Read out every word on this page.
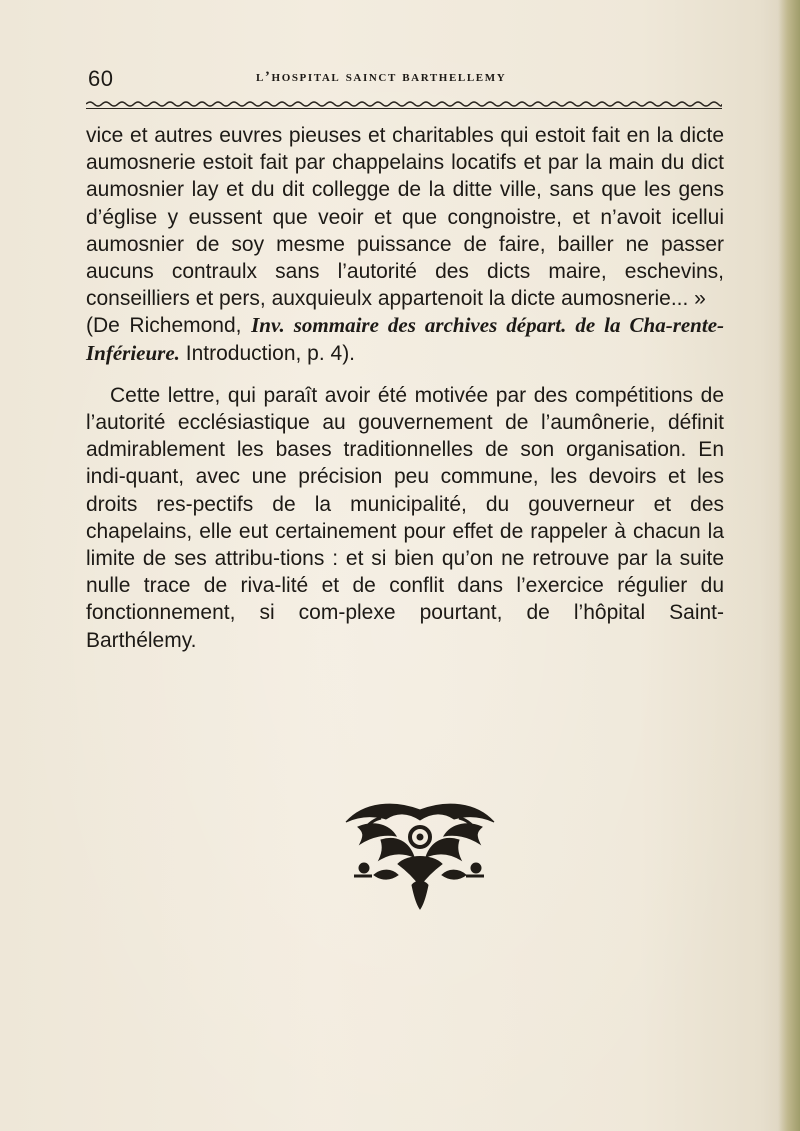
60	l’hospital sainct barthellemy

vice et autres euvres pieuses et charitables qui estoit fait en la dicte aumosnerie estoit fait par chappelains locatifs et par la main du dict aumosnier lay et du dit collegge de la ditte ville, sans que les gens d’église y eussent que veoir et que congnoistre, et n’avoit icellui aumosnier de soy mesme puissance de faire, bailler ne passer aucuns contraulx sans l’autorité des dicts maire, eschevins, conseilliers et pers, auxquieulx appartenoit la dicte aumosnerie... »

(De Richemond, Inv. sommaire des archives départ. de la Cha-rente-Inférieure. Introduction, p. 4).

Cette lettre, qui paraît avoir été motivée par des compétitions de l’autorité ecclésiastique au gouvernement de l’aumônerie, définit admirablement les bases traditionnelles de son organisation. En indi-quant, avec une précision peu commune, les devoirs et les droits res-pectifs de la municipalité, du gouverneur et des chapelains, elle eut certainement pour effet de rappeler à chacun la limite de ses attribu-tions : et si bien qu’on ne retrouve par la suite nulle trace de riva-lité et de conflit dans l’exercice régulier du fonctionnement, si com-plexe pourtant, de l’hôpital Saint-Barthélemy.
